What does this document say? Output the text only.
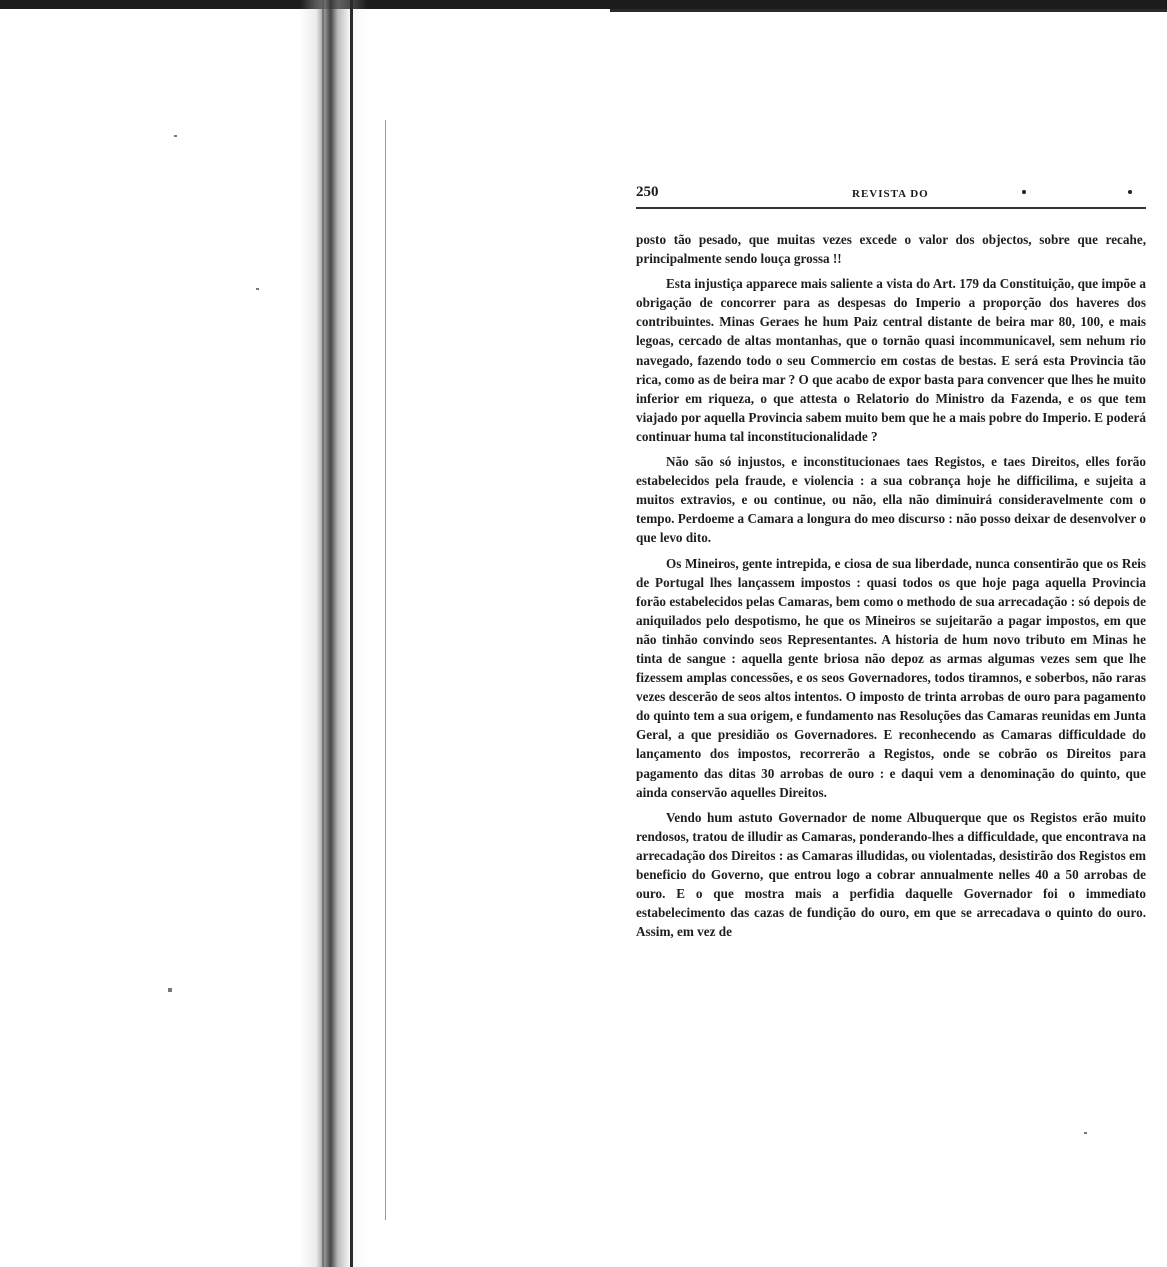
250	REVISTA DO

posto tão pesado, que muitas vezes excede o valor dos objectos, sobre que recahe, principalmente sendo louça grossa !!

Esta injustiça apparece mais saliente a vista do Art. 179 da Constituição, que impõe a obrigação de concorrer para as despesas do Imperio a proporção dos haveres dos contribuintes. Minas Geraes he hum Paiz central distante de beira mar 80, 100, e mais legoas, cercado de altas montanhas, que o tornão quasi incommunicavel, sem nehum rio navegado, fazendo todo o seu Commercio em costas de bestas. E será esta Provincia tão rica, como as de beira mar ? O que acabo de expor basta para convencer que lhes he muito inferior em riqueza, o que attesta o Relatorio do Ministro da Fazenda, e os que tem viajado por aquella Provincia sabem muito bem que he a mais pobre do Imperio. E poderá continuar huma tal inconstitucionalidade ?

Não são só injustos, e inconstitucionaes taes Registos, e taes Direitos, elles forão estabelecidos pela fraude, e violencia : a sua cobrança hoje he difficilima, e sujeita a muitos extravios, e ou continue, ou não, ella não diminuirá consideravelmente com o tempo. Perdoeme a Camara a longura do meo discurso : não posso deixar de desenvolver o que levo dito.

Os Mineiros, gente intrepida, e ciosa de sua liberdade, nunca consentirão que os Reis de Portugal lhes lançassem impostos : quasi todos os que hoje paga aquella Provincia forão estabelecidos pelas Camaras, bem como o methodo de sua arrecadação : só depois de aniquilados pelo despotismo, he que os Mineiros se sujeitarão a pagar impostos, em que não tinhão convindo seos Representantes. A historia de hum novo tributo em Minas he tinta de sangue : aquella gente briosa não depoz as armas algumas vezes sem que lhe fizessem amplas concessões, e os seos Governadores, todos tiramnos, e soberbos, não raras vezes descerão de seos altos intentos. O imposto de trinta arrobas de ouro para pagamento do quinto tem a sua origem, e fundamento nas Resoluções das Camaras reunidas em Junta Geral, a que presidião os Governadores. E reconhecendo as Camaras difficuldade do lançamento dos impostos, recorrerão a Registos, onde se cobrão os Direitos para pagamento das ditas 30 arrobas de ouro : e daqui vem a denominação do quinto, que ainda conservão aquelles Direitos.

Vendo hum astuto Governador de nome Albuquerque que os Registos erão muito rendosos, tratou de illudir as Camaras, ponderando-lhes a difficuldade, que encontrava na arrecadação dos Direitos : as Camaras illudidas, ou violentadas, desistirão dos Registos em beneficio do Governo, que entrou logo a cobrar annualmente nelles 40 a 50 arrobas de ouro. E o que mostra mais a perfidia daquelle Governador foi o immediato estabelecimento das cazas de fundição do ouro, em que se arrecadava o quinto do ouro. Assim, em vez de
